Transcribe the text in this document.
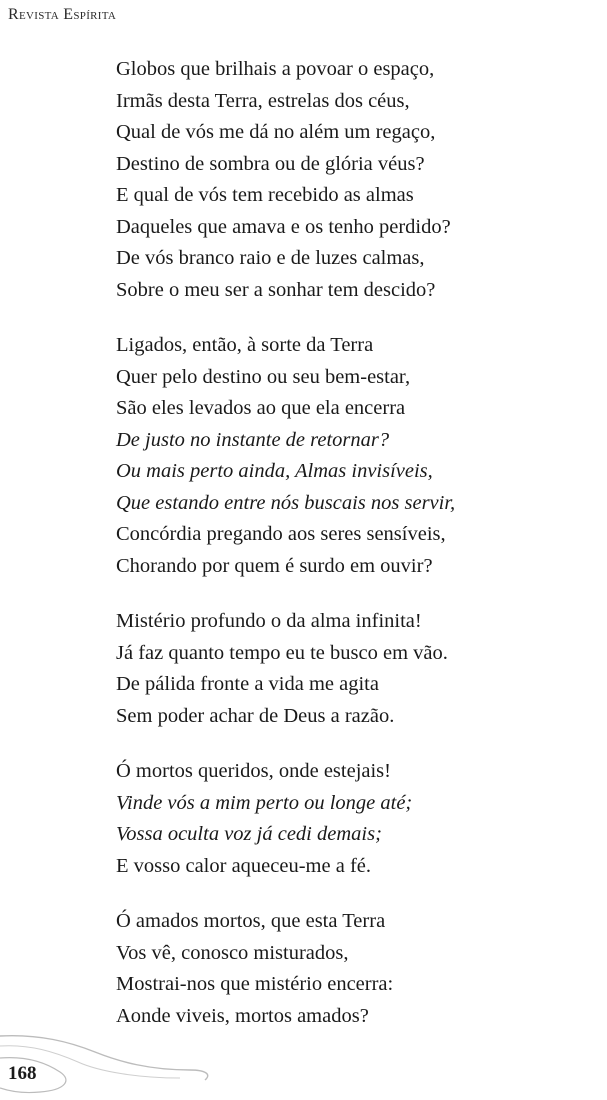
Revista Espírita
Globos que brilhais a povoar o espaço,
Irmãs desta Terra, estrelas dos céus,
Qual de vós me dá no além um regaço,
Destino de sombra ou de glória véus?
E qual de vós tem recebido as almas
Daqueles que amava e os tenho perdido?
De vós branco raio e de luzes calmas,
Sobre o meu ser a sonhar tem descido?
Ligados, então, à sorte da Terra
Quer pelo destino ou seu bem-estar,
São eles levados ao que ela encerra
De justo no instante de retornar?
Ou mais perto ainda, Almas invisíveis,
Que estando entre nós buscais nos servir,
Concórdia pregando aos seres sensíveis,
Chorando por quem é surdo em ouvir?
Mistério profundo o da alma infinita!
Já faz quanto tempo eu te busco em vão.
De pálida fronte a vida me agita
Sem poder achar de Deus a razão.
Ó mortos queridos, onde estejais!
Vinde vós a mim perto ou longe até;
Vossa oculta voz já cedi demais;
E vosso calor aqueceu-me a fé.
Ó amados mortos, que esta Terra
Vos vê, conosco misturados,
Mostrai-nos que mistério encerra:
Aonde viveis, mortos amados?
168
